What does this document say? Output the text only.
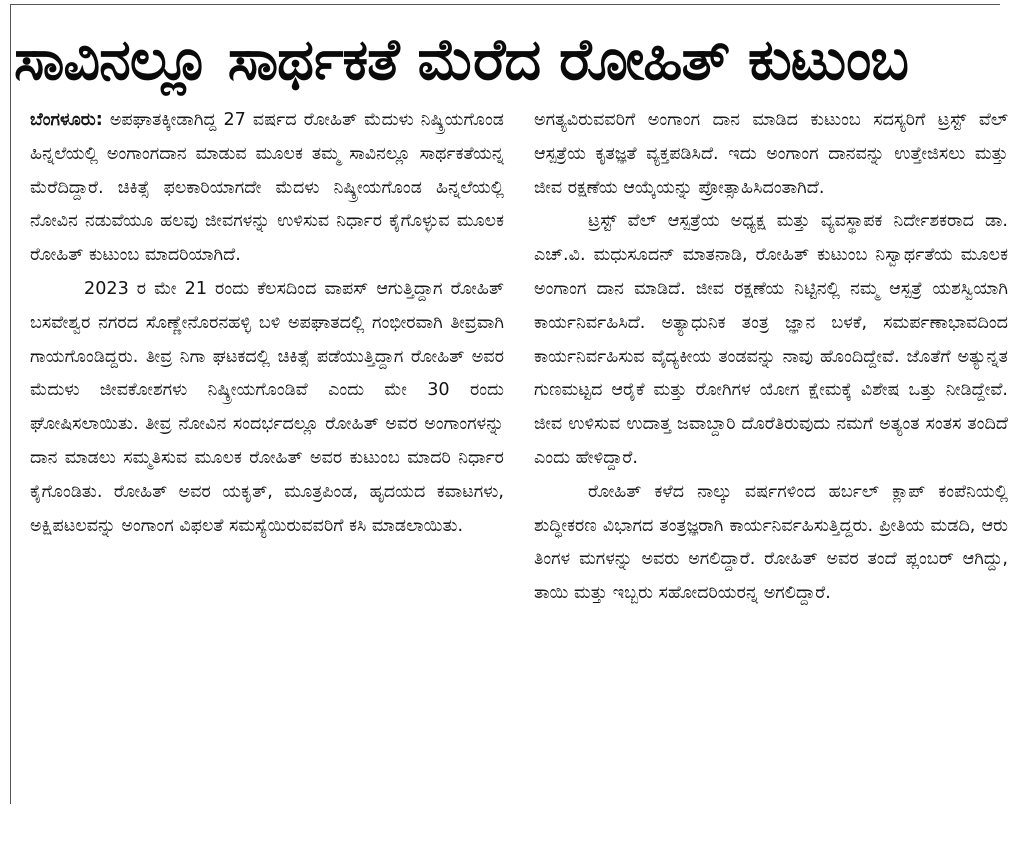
ಸಾವಿನಲ್ಲೂ ಸಾರ್ಥಕತೆ ಮೆರೆದ ರೋಹಿತ್ ಕುಟುಂಬ

ಬೆಂಗಳೂರು: ಅಪಘಾತಕ್ಕೀಡಾಗಿದ್ದ 27 ವರ್ಷದ ರೋಹಿತ್ ಮೆದುಳು ನಿಷ್ಕ್ರಿಯಗೊಂಡ ಹಿನ್ನಲೆಯಲ್ಲಿ ಅಂಗಾಂಗದಾನ ಮಾಡುವ ಮೂಲಕ ತಮ್ಮ ಸಾವಿನಲ್ಲೂ ಸಾರ್ಥಕತೆಯನ್ನ ಮೆರೆದಿದ್ದಾರೆ. ಚಿಕಿತ್ಸೆ ಫಲಕಾರಿಯಾಗದೇ ಮೆದಳು ನಿಷ್ಕ್ರೀಯಗೊಂಡ ಹಿನ್ನಲೆಯಲ್ಲಿ ನೋವಿನ ನಡುವೆಯೂ ಹಲವು ಜೀವಗಳನ್ನು ಉಳಿಸುವ ನಿರ್ಧಾರ ಕೈಗೊಳ್ಳುವ ಮೂಲಕ ರೋಹಿತ್ ಕುಟುಂಬ ಮಾದರಿಯಾಗಿದೆ.

2023 ರ ಮೇ 21 ರಂದು ಕೆಲಸದಿಂದ ವಾಪಸ್ ಆಗುತ್ತಿದ್ದಾಗ ರೋಹಿತ್ ಬಸವೇಶ್ವರ ನಗರದ ಸೊಣ್ಣೇನೊರನಹಳ್ಳಿ ಬಳಿ ಅಪಘಾತದಲ್ಲಿ ಗಂಭೀರವಾಗಿ ತೀವ್ರವಾಗಿ ಗಾಯಗೊಂಡಿದ್ದರು. ತೀವ್ರ ನಿಗಾ ಘಟಕದಲ್ಲಿ ಚಿಕಿತ್ಸೆ ಪಡೆಯುತ್ತಿದ್ದಾಗ ರೋಹಿತ್ ಅವರ ಮೆದುಳು ಜೀವಕೋಶಗಳು ನಿಷ್ಕ್ರೀಯಗೊಂಡಿವೆ ಎಂದು ಮೇ 30 ರಂದು ಘೋಷಿಸಲಾಯಿತು. ತೀವ್ರ ನೋವಿನ ಸಂದರ್ಭದಲ್ಲೂ ರೋಹಿತ್ ಅವರ ಅಂಗಾಂಗಳನ್ನು ದಾನ ಮಾಡಲು ಸಮ್ಮತಿಸುವ ಮೂಲಕ ರೋಹಿತ್ ಅವರ ಕುಟುಂಬ ಮಾದರಿ ನಿರ್ಧಾರ ಕೈಗೊಂಡಿತು. ರೋಹಿತ್ ಅವರ ಯಕೃತ್, ಮೂತ್ರಪಿಂಡ, ಹೃದಯದ ಕವಾಟಗಳು, ಅಕ್ಷಿಪಟಲವನ್ನು ಅಂಗಾಂಗ ವಿಫಲತೆ ಸಮಸ್ಯೆಯಿರುವವರಿಗೆ ಕಸಿ ಮಾಡಲಾಯಿತು.

ಅಗತ್ಯವಿರುವವರಿಗೆ ಅಂಗಾಂಗ ದಾನ ಮಾಡಿದ ಕುಟುಂಬ ಸದಸ್ಯರಿಗೆ ಟ್ರಸ್ಟ್ ವೆಲ್ ಆಸ್ಪತ್ರೆಯ ಕೃತಜ್ಞತೆ ವ್ಯಕ್ತಪಡಿಸಿದೆ. ಇದು ಅಂಗಾಂಗ ದಾನವನ್ನು ಉತ್ತೇಜಿಸಲು ಮತ್ತು ಜೀವ ರಕ್ಷಣೆಯ ಆಯ್ಕೆಯನ್ನು ಪ್ರೋತ್ಸಾಹಿಸಿದಂತಾಗಿದೆ.

ಟ್ರಸ್ಟ್ ವೆಲ್ ಆಸ್ಪತ್ರೆಯ ಅಧ್ಯಕ್ಷ ಮತ್ತು ವ್ಯವಸ್ಥಾಪಕ ನಿರ್ದೇಶಕರಾದ ಡಾ. ಎಚ್.ವಿ. ಮಧುಸೂದನ್ ಮಾತನಾಡಿ, ರೋಹಿತ್ ಕುಟುಂಬ ನಿಸ್ವಾರ್ಥತೆಯ ಮೂಲಕ ಅಂಗಾಂಗ ದಾನ ಮಾಡಿದೆ. ಜೀವ ರಕ್ಷಣೆಯ ನಿಟ್ಟಿನಲ್ಲಿ ನಮ್ಮ ಆಸ್ಪತ್ರೆ ಯಶಸ್ವಿಯಾಗಿ ಕಾರ್ಯನಿರ್ವಹಿಸಿದೆ. ಅತ್ಯಾಧುನಿಕ ತಂತ್ರ ಜ್ಞಾನ ಬಳಕೆ, ಸಮರ್ಪಣಾಭಾವದಿಂದ ಕಾರ್ಯನಿರ್ವಹಿಸುವ ವೈದ್ಯಕೀಯ ತಂಡವನ್ನು ನಾವು ಹೊಂದಿದ್ದೇವೆ. ಜೊತೆಗೆ ಅತ್ಯುನ್ನತ ಗುಣಮಟ್ಟದ ಆರೈಕೆ ಮತ್ತು ರೋಗಿಗಳ ಯೋಗ ಕ್ಷೇಮಕ್ಕೆ ವಿಶೇಷ ಒತ್ತು ನೀಡಿದ್ದೇವೆ. ಜೀವ ಉಳಿಸುವ ಉದಾತ್ತ ಜವಾಬ್ದಾರಿ ದೊರೆತಿರುವುದು ನಮಗೆ ಅತ್ಯಂತ ಸಂತಸ ತಂದಿದೆ ಎಂದು ಹೇಳಿದ್ದಾರೆ.

ರೋಹಿತ್ ಕಳೆದ ನಾಲ್ಕು ವರ್ಷಗಳಿಂದ ಹರ್ಬಲ್ ಕ್ಲಾಪ್ ಕಂಪೆನಿಯಲ್ಲಿ ಶುದ್ಧೀಕರಣ ವಿಭಾಗದ ತಂತ್ರಜ್ಞರಾಗಿ ಕಾರ್ಯನಿರ್ವಹಿಸುತ್ತಿದ್ದರು. ಪ್ರೀತಿಯ ಮಡದಿ, ಆರು ತಿಂಗಳ ಮಗಳನ್ನು ಅವರು ಅಗಲಿದ್ದಾರೆ. ರೋಹಿತ್ ಅವರ ತಂದೆ ಪ್ಲಂಬರ್ ಆಗಿದ್ದು, ತಾಯಿ ಮತ್ತು ಇಬ್ಬರು ಸಹೋದರಿಯರನ್ನ ಅಗಲಿದ್ದಾರೆ.
